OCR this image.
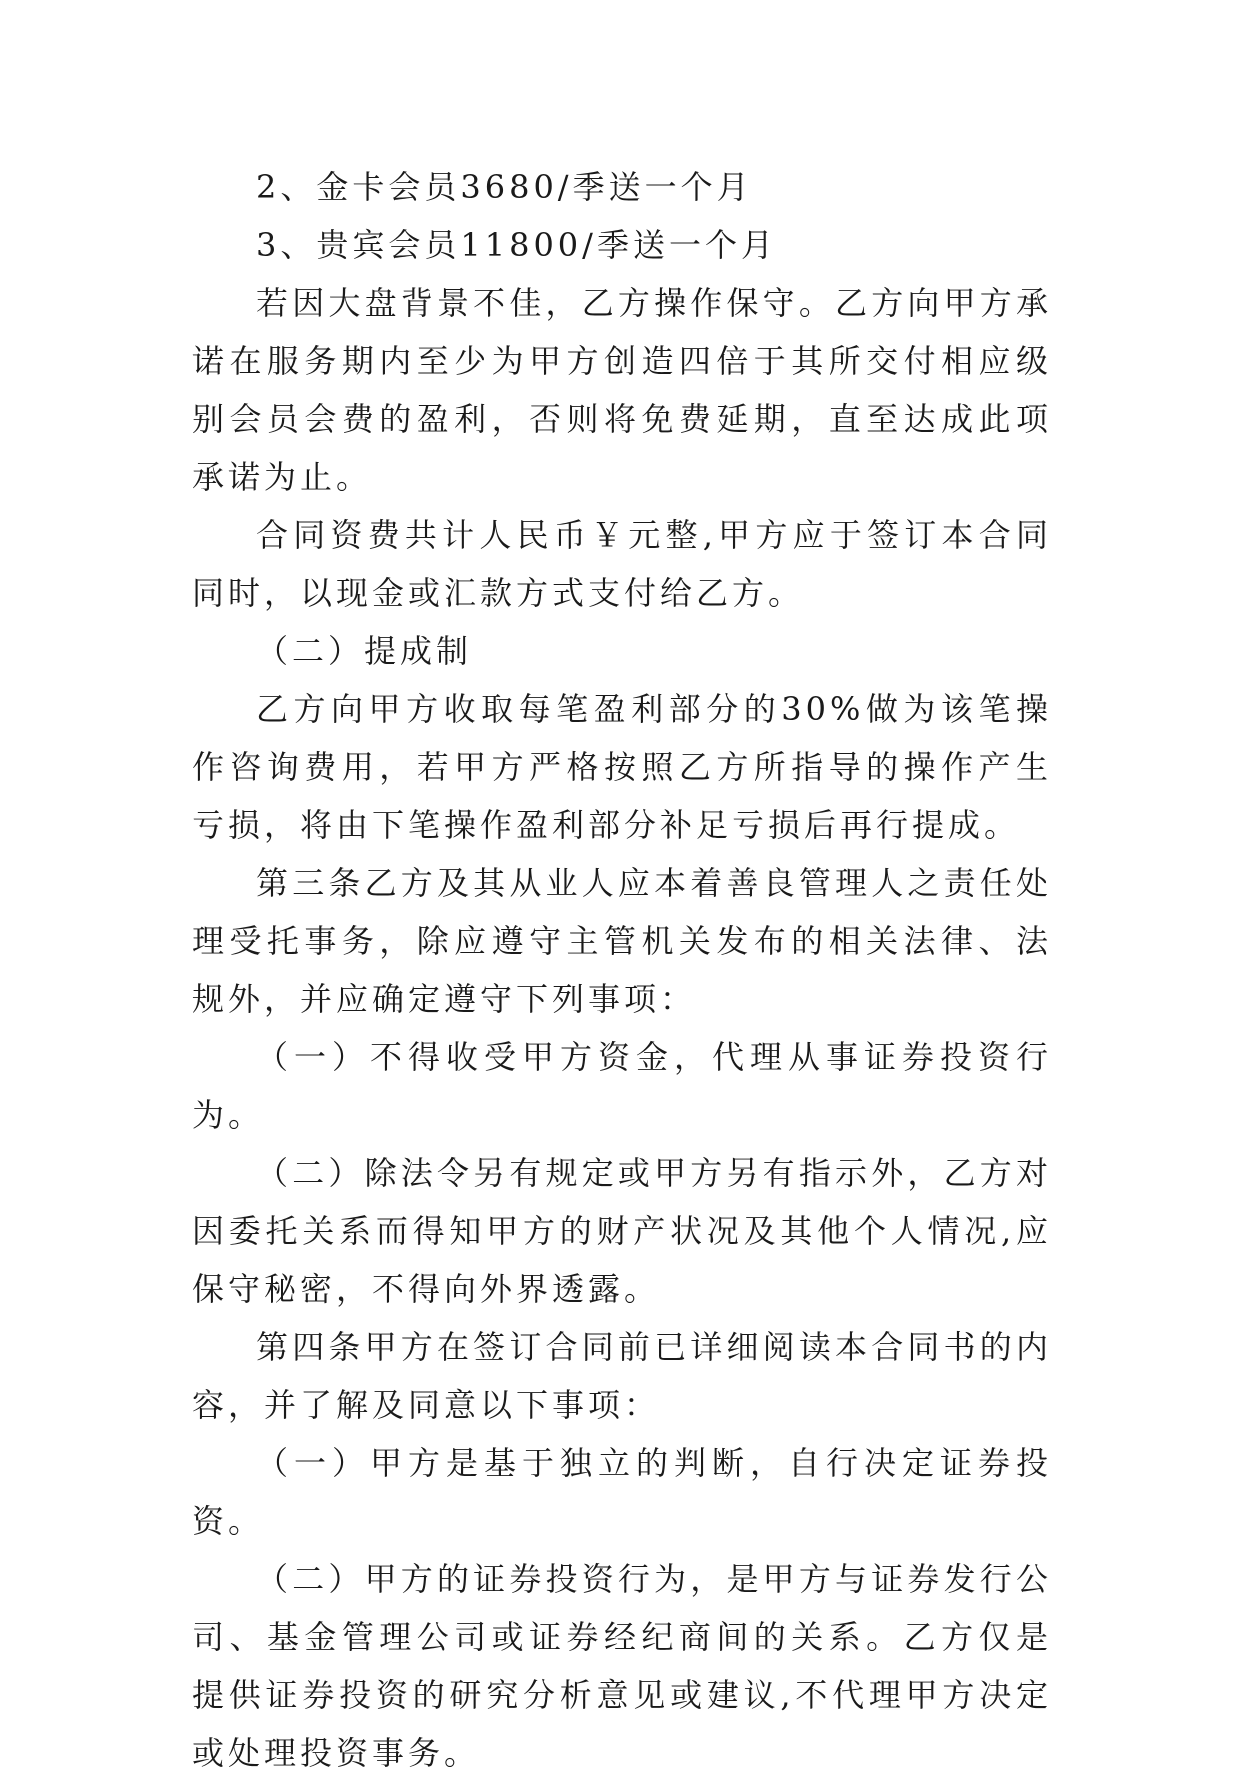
2、金卡会员3680/季送一个月

3、贵宾会员11800/季送一个月

若因大盘背景不佳，乙方操作保守。乙方向甲方承诺在服务期内至少为甲方创造四倍于其所交付相应级别会员会费的盈利，否则将免费延期，直至达成此项承诺为止。

合同资费共计人民币￥元整,甲方应于签订本合同同时，以现金或汇款方式支付给乙方。

（二）提成制

乙方向甲方收取每笔盈利部分的30%做为该笔操作咨询费用，若甲方严格按照乙方所指导的操作产生亏损，将由下笔操作盈利部分补足亏损后再行提成。

第三条乙方及其从业人应本着善良管理人之责任处理受托事务，除应遵守主管机关发布的相关法律、法规外，并应确定遵守下列事项：

（一）不得收受甲方资金，代理从事证券投资行为。

（二）除法令另有规定或甲方另有指示外，乙方对因委托关系而得知甲方的财产状况及其他个人情况,应保守秘密，不得向外界透露。

第四条甲方在签订合同前已详细阅读本合同书的内容，并了解及同意以下事项：

（一）甲方是基于独立的判断，自行决定证券投资。

（二）甲方的证券投资行为，是甲方与证券发行公司、基金管理公司或证券经纪商间的关系。乙方仅是提供证券投资的研究分析意见或建议,不代理甲方决定或处理投资事务。
